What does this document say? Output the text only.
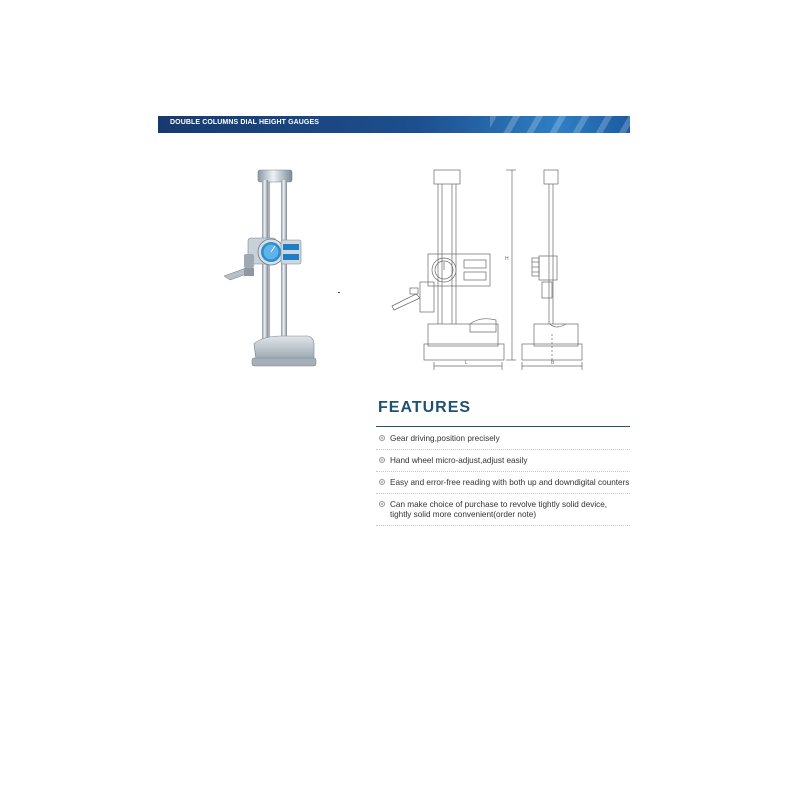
DOUBLE COLUMNS DIAL HEIGHT GAUGES
H
L	B
FEATURES
Gear driving,position precisely
Hand wheel micro-adjust,adjust easily
Easy and error-free reading with both up and downdigital counters
Can make choice of purchase to revolve tightly solid device, tightly solid more convenient(order note)
